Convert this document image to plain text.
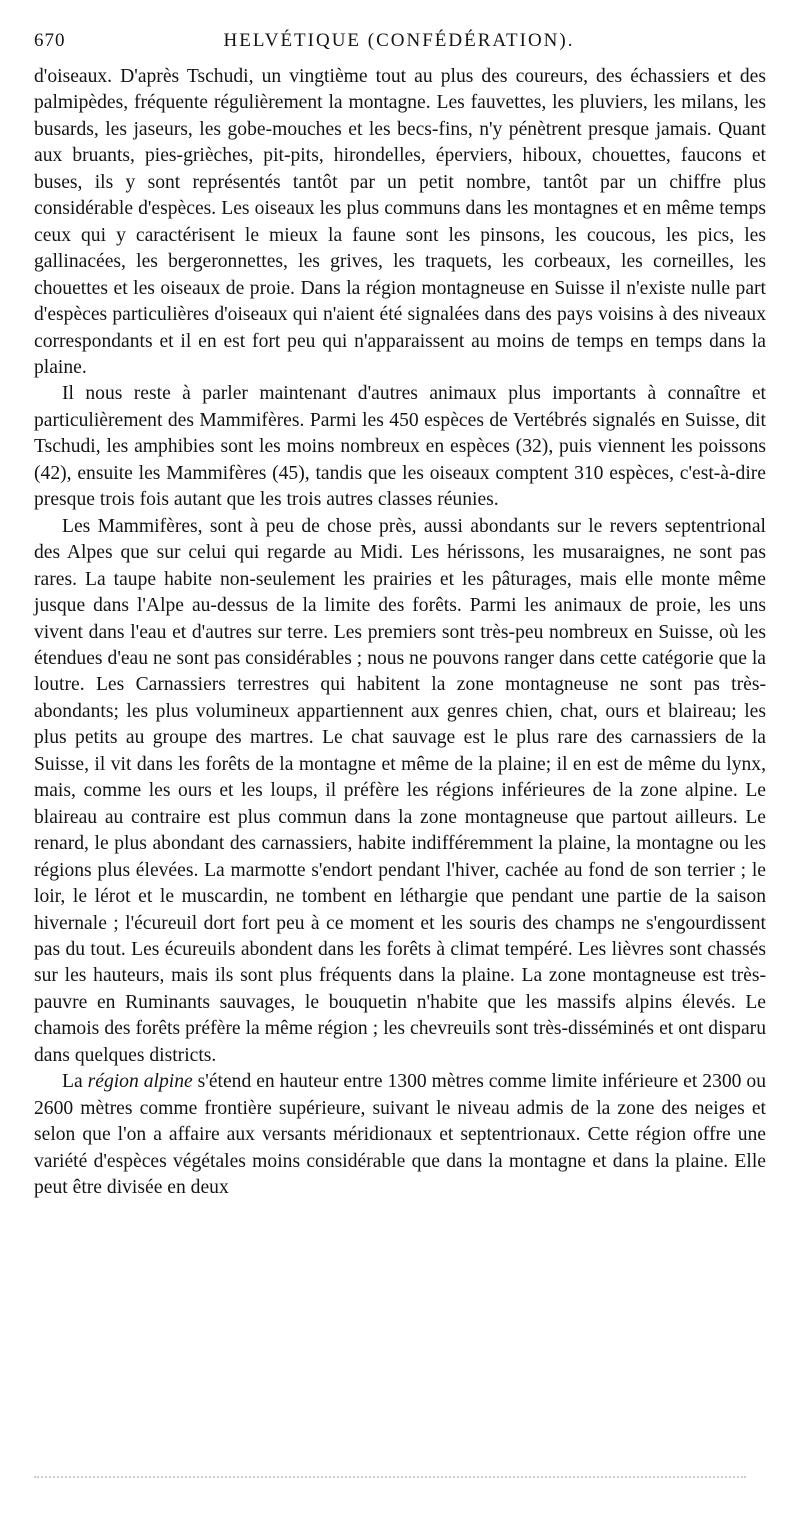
670	HELVÉTIQUE (CONFÉDÉRATION).

d'oiseaux. D'après Tschudi, un vingtième tout au plus des coureurs, des échassiers et des palmipèdes, fréquente régulièrement la montagne. Les fauvettes, les pluviers, les milans, les busards, les jaseurs, les gobe-mouches et les becs-fins, n'y pénètrent presque jamais. Quant aux bruants, pies-grièches, pit-pits, hirondelles, éperviers, hiboux, chouettes, faucons et buses, ils y sont représentés tantôt par un petit nombre, tantôt par un chiffre plus considérable d'espèces. Les oiseaux les plus communs dans les montagnes et en même temps ceux qui y caractérisent le mieux la faune sont les pinsons, les coucous, les pics, les gallinacées, les bergeronnettes, les grives, les traquets, les corbeaux, les corneilles, les chouettes et les oiseaux de proie. Dans la région montagneuse en Suisse il n'existe nulle part d'espèces particulières d'oiseaux qui n'aient été signalées dans des pays voisins à des niveaux correspondants et il en est fort peu qui n'apparaissent au moins de temps en temps dans la plaine.

Il nous reste à parler maintenant d'autres animaux plus importants à connaître et particulièrement des Mammifères. Parmi les 450 espèces de Vertébrés signalés en Suisse, dit Tschudi, les amphibies sont les moins nombreux en espèces (32), puis viennent les poissons (42), ensuite les Mammifères (45), tandis que les oiseaux comptent 310 espèces, c'est-à-dire presque trois fois autant que les trois autres classes réunies.

Les Mammifères, sont à peu de chose près, aussi abondants sur le revers septentrional des Alpes que sur celui qui regarde au Midi. Les hérissons, les musaraignes, ne sont pas rares. La taupe habite non-seulement les prairies et les pâturages, mais elle monte même jusque dans l'Alpe au-dessus de la limite des forêts. Parmi les animaux de proie, les uns vivent dans l'eau et d'autres sur terre. Les premiers sont très-peu nombreux en Suisse, où les étendues d'eau ne sont pas considérables ; nous ne pouvons ranger dans cette catégorie que la loutre. Les Carnassiers terrestres qui habitent la zone montagneuse ne sont pas très-abondants; les plus volumineux appartiennent aux genres chien, chat, ours et blaireau; les plus petits au groupe des martres. Le chat sauvage est le plus rare des carnassiers de la Suisse, il vit dans les forêts de la montagne et même de la plaine; il en est de même du lynx, mais, comme les ours et les loups, il préfère les régions inférieures de la zone alpine. Le blaireau au contraire est plus commun dans la zone montagneuse que partout ailleurs. Le renard, le plus abondant des carnassiers, habite indifféremment la plaine, la montagne ou les régions plus élevées. La marmotte s'endort pendant l'hiver, cachée au fond de son terrier ; le loir, le lérot et le muscardin, ne tombent en léthargie que pendant une partie de la saison hivernale ; l'écureuil dort fort peu à ce moment et les souris des champs ne s'engourdissent pas du tout. Les écureuils abondent dans les forêts à climat tempéré. Les lièvres sont chassés sur les hauteurs, mais ils sont plus fréquents dans la plaine. La zone montagneuse est très-pauvre en Ruminants sauvages, le bouquetin n'habite que les massifs alpins élevés. Le chamois des forêts préfère la même région ; les chevreuils sont très-disséminés et ont disparu dans quelques districts.

La région alpine s'étend en hauteur entre 1300 mètres comme limite inférieure et 2300 ou 2600 mètres comme frontière supérieure, suivant le niveau admis de la zone des neiges et selon que l'on a affaire aux versants méridionaux et septentrionaux. Cette région offre une variété d'espèces végétales moins considérable que dans la montagne et dans la plaine. Elle peut être divisée en deux
